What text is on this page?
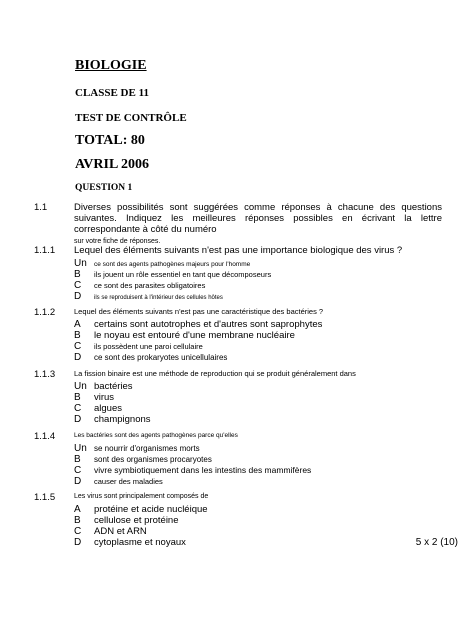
BIOLOGIE
CLASSE DE 11
TEST DE CONTRÔLE
TOTAL: 80
AVRIL 2006
QUESTION 1
1.1	Diverses possibilités sont suggérées comme réponses à chacune des questions suivantes. Indiquez les meilleures réponses possibles en écrivant la lettre correspondante à côté du numéro
sur votre fiche de réponses.
1.1.1 Lequel des éléments suivants n'est pas une importance biologique des virus ?
Un	ce sont des agents pathogènes majeurs pour l'homme
B	ils jouent un rôle essentiel en tant que décomposeurs
C	ce sont des parasites obligatoires
D	ils se reproduisent à l'intérieur des cellules hôtes
1.1.2	Lequel des éléments suivants n'est pas une caractéristique des bactéries ?
A	certains sont autotrophes et d'autres sont saprophytes
B	le noyau est entouré d'une membrane nucléaire
C	ils possèdent une paroi cellulaire
D	ce sont des prokaryotes unicellulaires
1.1.3	La fission binaire est une méthode de reproduction qui se produit généralement dans
Un bactéries
B	virus
C	algues
D	champignons
1.1.4	Les bactéries sont des agents pathogènes parce qu'elles
Un se nourrir d'organismes morts
B	sont des organismes procaryotes
C	vivre symbiotiquement dans les intestins des mammifères
D	causer des maladies
1.1.5	Les virus sont principalement composés de
A	protéine et acide nucléique
B	cellulose et protéine
C	ADN et ARN
D	cytoplasme et noyaux	5 x 2 (10)
